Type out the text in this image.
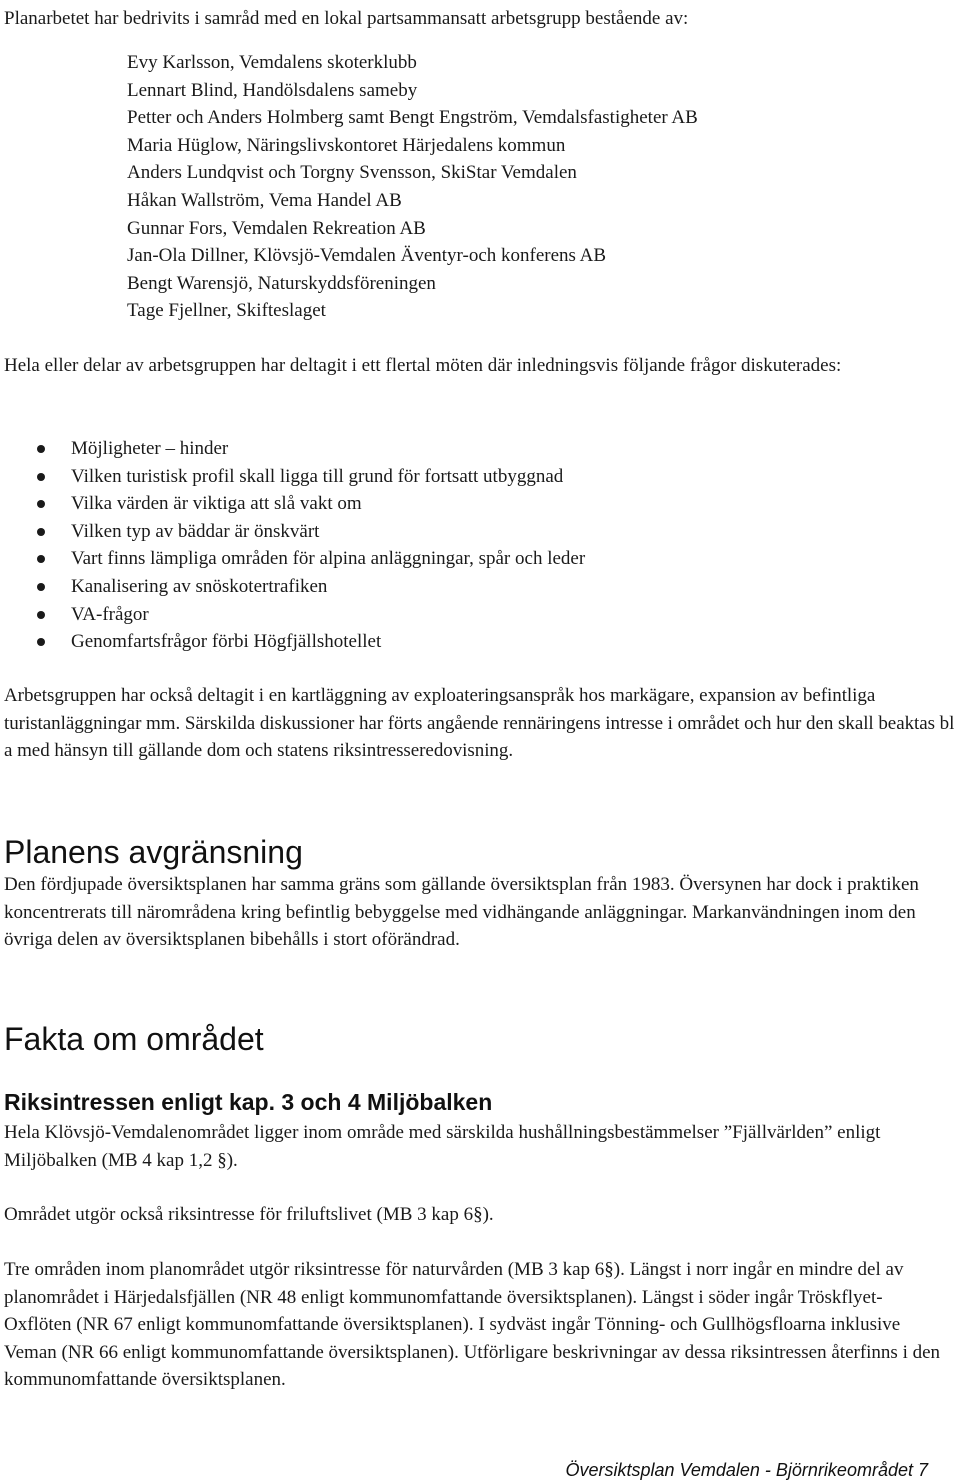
Planarbetet har bedrivits i samråd med en lokal partsammansatt arbetsgrupp bestående av:

Evy Karlsson, Vemdalens skoterklubb
Lennart Blind, Handölsdalens sameby
Petter och Anders Holmberg samt Bengt Engström, Vemdalsfastigheter AB
Maria Hüglow, Näringslivskontoret Härjedalens kommun
Anders Lundqvist och Torgny Svensson, SkiStar Vemdalen
Håkan Wallström, Vema Handel AB
Gunnar Fors, Vemdalen Rekreation AB
Jan-Ola Dillner, Klövsjö-Vemdalen Äventyr-och konferens AB
Bengt Warensjö, Naturskyddsföreningen
Tage Fjellner, Skifteslaget

Hela eller delar av arbetsgruppen har deltagit i ett flertal möten där inledningsvis följande frågor diskuterades:

Möjligheter – hinder
Vilken turistisk profil skall ligga till grund för fortsatt utbyggnad
Vilka värden är viktiga att slå vakt om
Vilken typ av bäddar är önskvärt
Vart finns lämpliga områden för alpina anläggningar, spår och leder
Kanalisering av snöskotertrafiken
VA-frågor
Genomfartsfrågor förbi Högfjällshotellet

Arbetsgruppen har också deltagit i en kartläggning av exploateringsanspråk hos markägare, expansion av befintliga turistanläggningar mm. Särskilda diskussioner har förts angående rennäringens intresse i området och hur den skall beaktas bl a med hänsyn till gällande dom och statens riksintresseredovisning.

Planens avgränsning

Den fördjupade översiktsplanen har samma gräns som gällande översiktsplan från 1983. Översynen har dock i praktiken koncentrerats till närområdena kring befintlig bebyggelse med vidhängande anläggningar. Markanvändningen inom den övriga delen av översiktsplanen bibehålls i stort oförändrad.

Fakta om området
Riksintressen enligt kap. 3 och 4 Miljöbalken

Hela Klövsjö-Vemdalenområdet ligger inom område med särskilda hushållningsbestämmelser ”Fjällvärlden” enligt Miljöbalken (MB 4 kap 1,2 §).

Området utgör också riksintresse för friluftslivet (MB 3 kap 6§).

Tre områden inom planområdet utgör riksintresse för naturvården (MB 3 kap 6§). Längst i norr ingår en mindre del av planområdet i Härjedalsfjällen (NR 48 enligt kommunomfattande översiktsplanen). Längst i söder ingår Tröskflyet-Oxflöten (NR 67 enligt kommunomfattande översiktsplanen). I sydväst ingår Tönning- och Gullhögsfloarna inklusive Veman (NR 66 enligt kommunomfattande översiktsplanen). Utförligare beskrivningar av dessa riksintressen återfinns i den kommunomfattande översiktsplanen.

Översiktsplan Vemdalen - Björnrikeområdet 7
